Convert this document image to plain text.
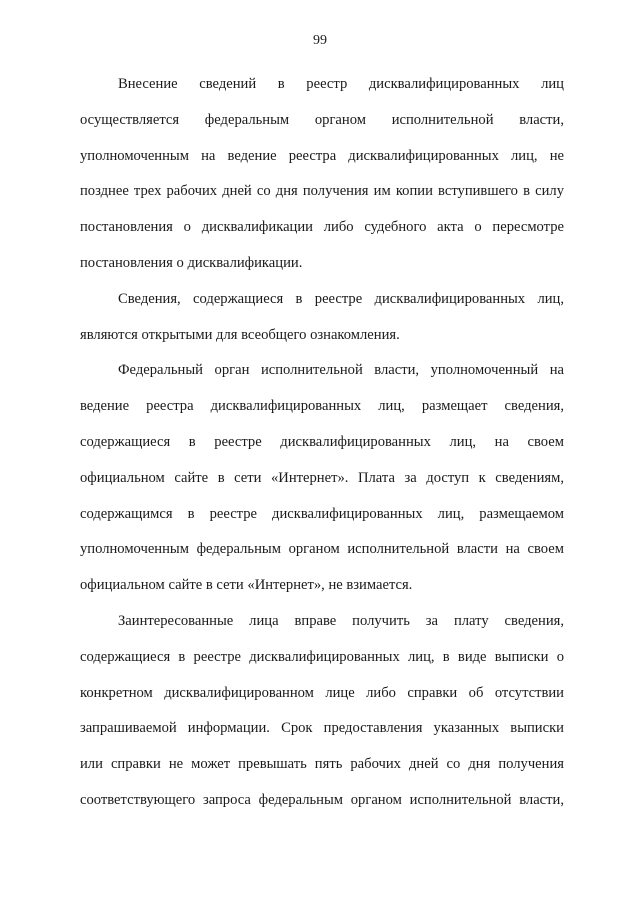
99

Внесение сведений в реестр дисквалифицированных лиц
осуществляется федеральным органом исполнительной власти,
уполномоченным на ведение реестра дисквалифицированных лиц, не
позднее трех рабочих дней со дня получения им копии вступившего в силу
постановления о дисквалификации либо судебного акта о пересмотре
постановления о дисквалификации.

Сведения, содержащиеся в реестре дисквалифицированных лиц,
являются открытыми для всеобщего ознакомления.

Федеральный орган исполнительной власти, уполномоченный на
ведение реестра дисквалифицированных лиц, размещает сведения,
содержащиеся в реестре дисквалифицированных лиц, на своем
официальном сайте в сети «Интернет». Плата за доступ к сведениям,
содержащимся в реестре дисквалифицированных лиц, размещаемом
уполномоченным федеральным органом исполнительной власти на своем
официальном сайте в сети «Интернет», не взимается.

Заинтересованные лица вправе получить за плату сведения,
содержащиеся в реестре дисквалифицированных лиц, в виде выписки о
конкретном дисквалифицированном лице либо справки об отсутствии
запрашиваемой информации. Срок предоставления указанных выписки
или справки не может превышать пять рабочих дней со дня получения
соответствующего запроса федеральным органом исполнительной власти,
